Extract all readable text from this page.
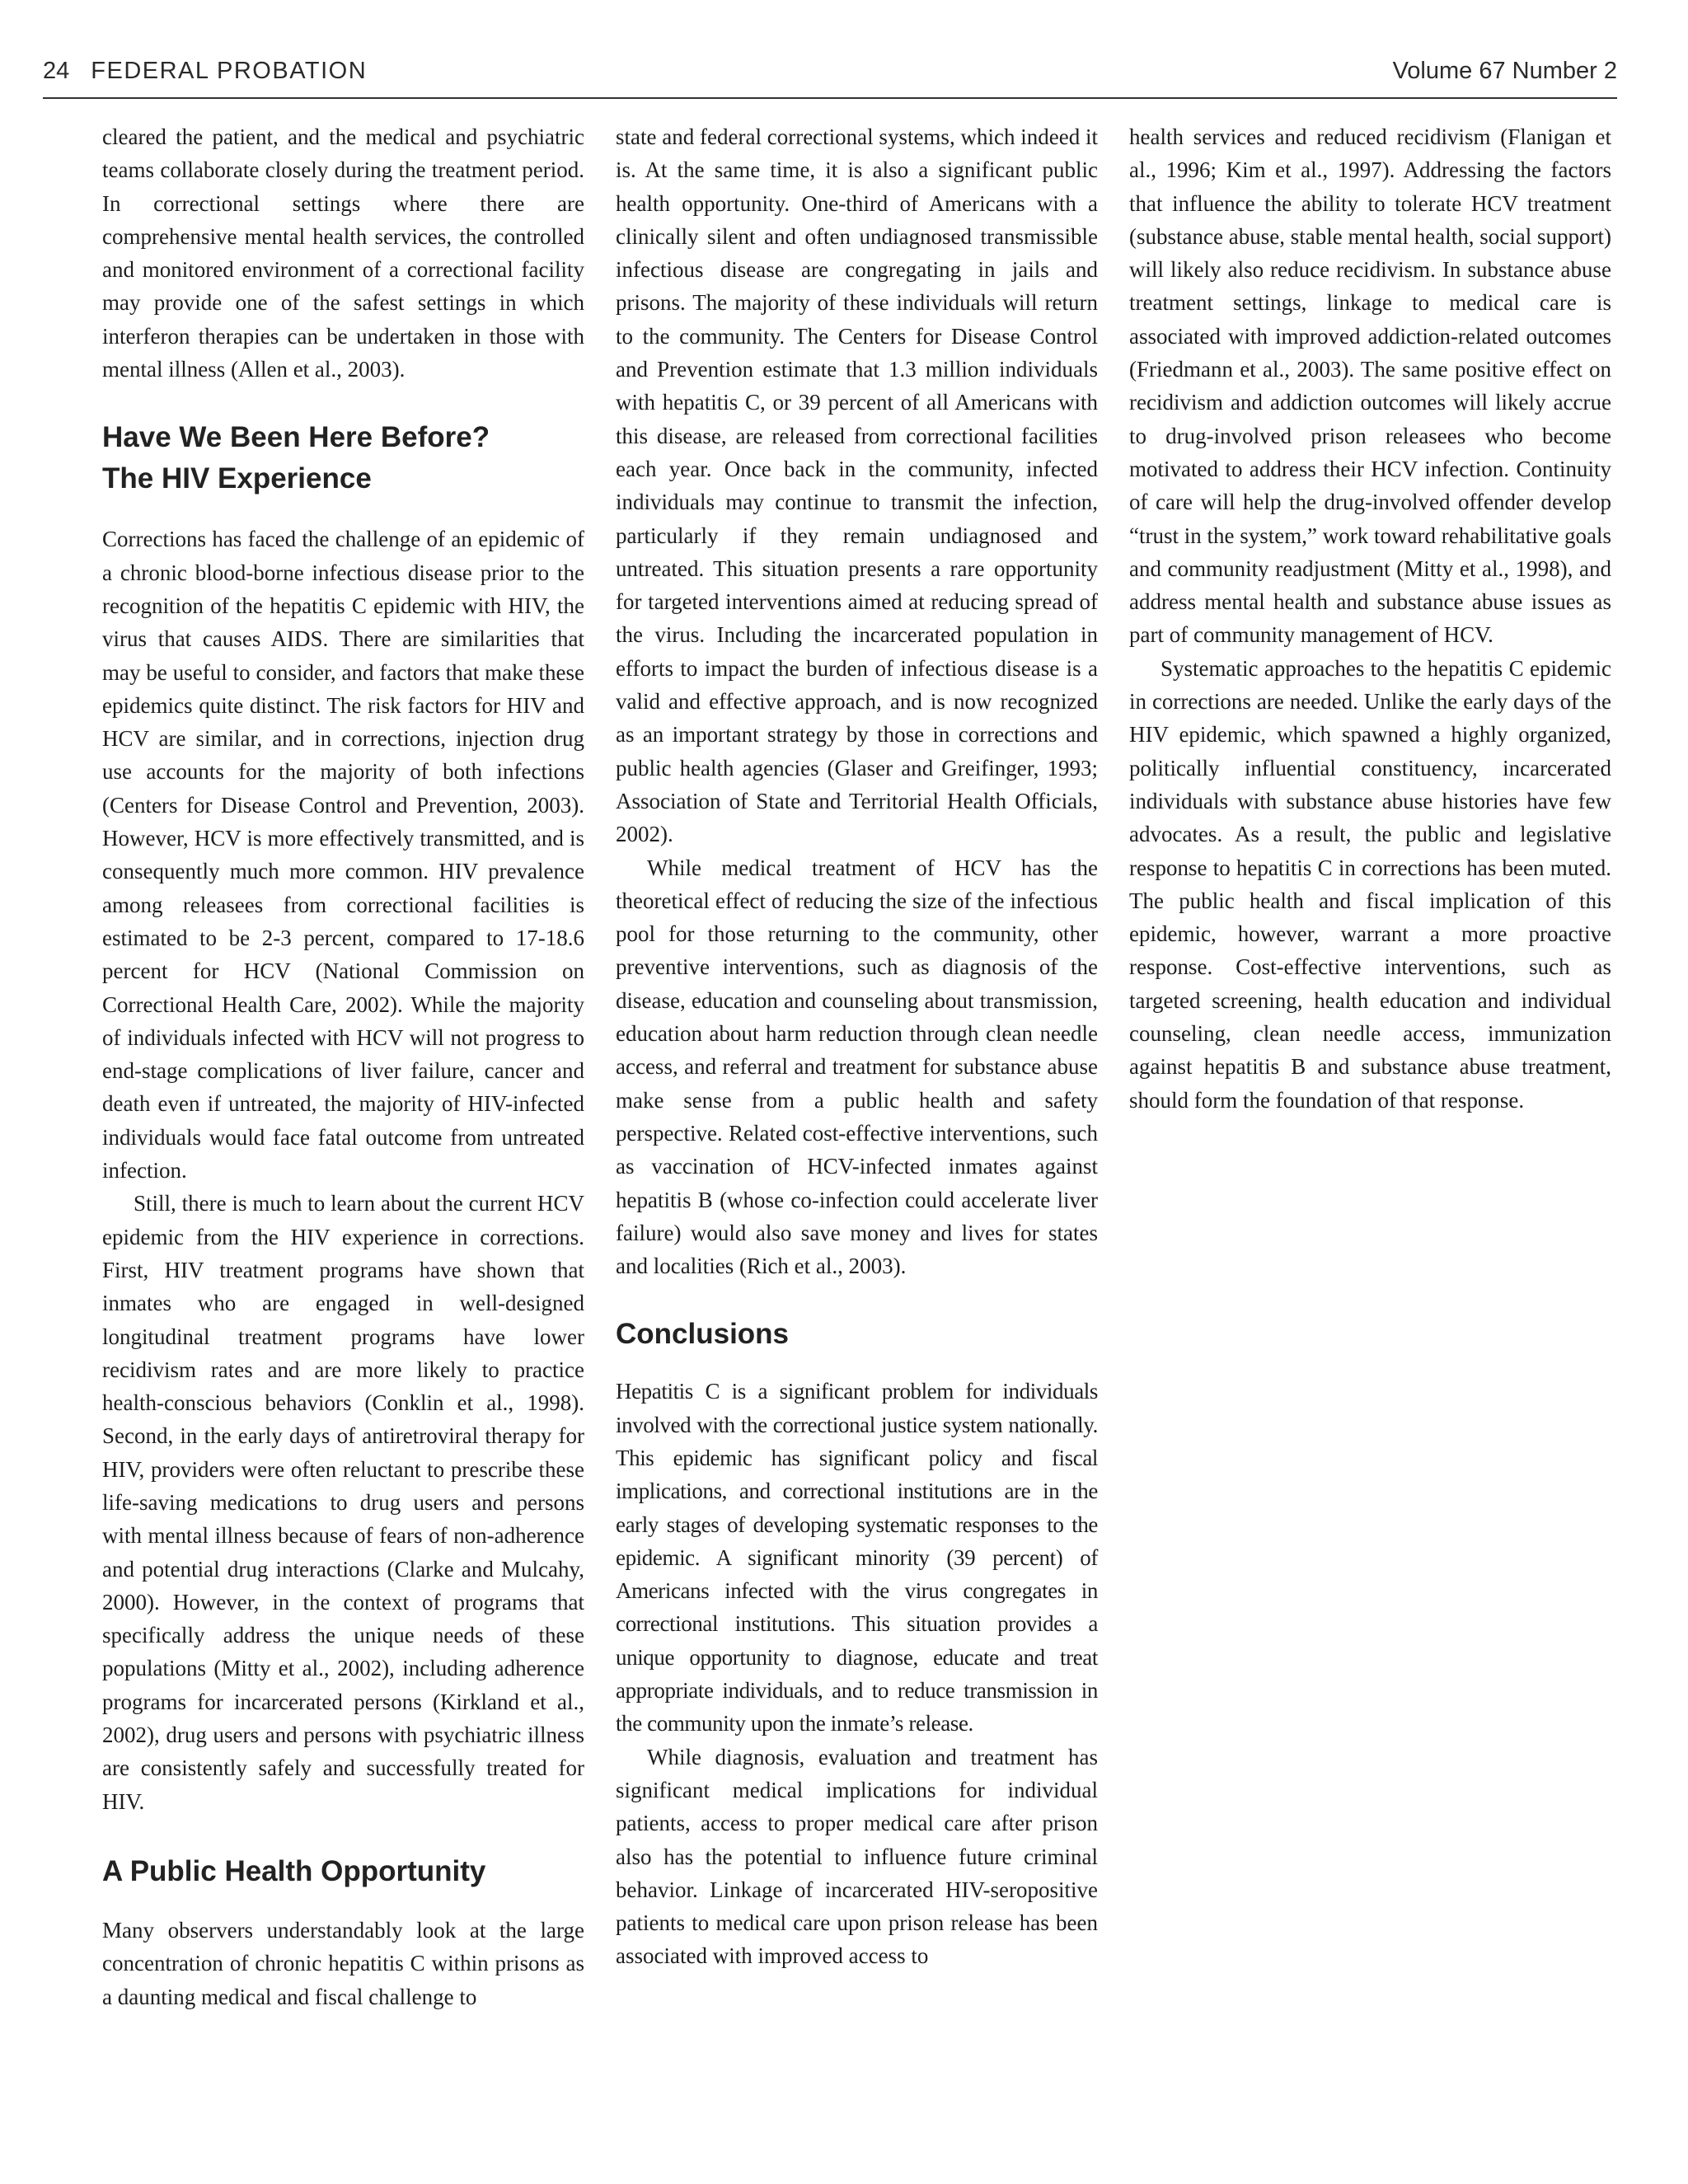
24 FEDERAL PROBATION	Volume 67 Number 2

cleared the patient, and the medical and psychiatric teams collaborate closely during the treatment period. In correctional settings where there are comprehensive mental health services, the controlled and monitored environment of a correctional facility may provide one of the safest settings in which interferon therapies can be undertaken in those with mental illness (Allen et al., 2003).

Have We Been Here Before?
The HIV Experience

Corrections has faced the challenge of an epidemic of a chronic blood-borne infectious disease prior to the recognition of the hepatitis C epidemic with HIV, the virus that causes AIDS. There are similarities that may be useful to consider, and factors that make these epidemics quite distinct. The risk factors for HIV and HCV are similar, and in corrections, injection drug use accounts for the majority of both infections (Centers for Disease Control and Prevention, 2003). However, HCV is more effectively transmitted, and is consequently much more common. HIV prevalence among releasees from correctional facilities is estimated to be 2-3 percent, compared to 17-18.6 percent for HCV (National Commission on Correctional Health Care, 2002). While the majority of individuals infected with HCV will not progress to end-stage complications of liver failure, cancer and death even if untreated, the majority of HIV-infected individuals would face fatal outcome from untreated infection.

Still, there is much to learn about the current HCV epidemic from the HIV experience in corrections. First, HIV treatment programs have shown that inmates who are engaged in well-designed longitudinal treatment programs have lower recidivism rates and are more likely to practice health-conscious behaviors (Conklin et al., 1998). Second, in the early days of antiretroviral therapy for HIV, providers were often reluctant to prescribe these life-saving medications to drug users and persons with mental illness because of fears of non-adherence and potential drug interactions (Clarke and Mulcahy, 2000). However, in the context of programs that specifically address the unique needs of these populations (Mitty et al., 2002), including adherence programs for incarcerated persons (Kirkland et al., 2002), drug users and persons with psychiatric illness are consistently safely and successfully treated for HIV.

A Public Health Opportunity

Many observers understandably look at the large concentration of chronic hepatitis C within prisons as a daunting medical and fiscal challenge to

state and federal correctional systems, which indeed it is. At the same time, it is also a significant public health opportunity. One-third of Americans with a clinically silent and often undiagnosed transmissible infectious disease are congregating in jails and prisons. The majority of these individuals will return to the community. The Centers for Disease Control and Prevention estimate that 1.3 million individuals with hepatitis C, or 39 percent of all Americans with this disease, are released from correctional facilities each year. Once back in the community, infected individuals may continue to transmit the infection, particularly if they remain undiagnosed and untreated. This situation presents a rare opportunity for targeted interventions aimed at reducing spread of the virus. Including the incarcerated population in efforts to impact the burden of infectious disease is a valid and effective approach, and is now recognized as an important strategy by those in corrections and public health agencies (Glaser and Greifinger, 1993; Association of State and Territorial Health Officials, 2002).

While medical treatment of HCV has the theoretical effect of reducing the size of the infectious pool for those returning to the community, other preventive interventions, such as diagnosis of the disease, education and counseling about transmission, education about harm reduction through clean needle access, and referral and treatment for substance abuse make sense from a public health and safety perspective. Related cost-effective interventions, such as vaccination of HCV-infected inmates against hepatitis B (whose co-infection could accelerate liver failure) would also save money and lives for states and localities (Rich et al., 2003).

Conclusions

Hepatitis C is a significant problem for individuals involved with the correctional justice system nationally. This epidemic has significant policy and fiscal implications, and correctional institutions are in the early stages of developing systematic responses to the epidemic. A significant minority (39 percent) of Americans infected with the virus congregates in correctional institutions. This situation provides a unique opportunity to diagnose, educate and treat appropriate individuals, and to reduce transmission in the community upon the inmate’s release.

While diagnosis, evaluation and treatment has significant medical implications for individual patients, access to proper medical care after prison also has the potential to influence future criminal behavior. Linkage of incarcerated HIV-seropositive patients to medical care upon prison release has been associated with improved access to

health services and reduced recidivism (Flanigan et al., 1996; Kim et al., 1997). Addressing the factors that influence the ability to tolerate HCV treatment (substance abuse, stable mental health, social support) will likely also reduce recidivism. In substance abuse treatment settings, linkage to medical care is associated with improved addiction-related outcomes (Friedmann et al., 2003). The same positive effect on recidivism and addiction outcomes will likely accrue to drug-involved prison releasees who become motivated to address their HCV infection. Continuity of care will help the drug-involved offender develop “trust in the system,” work toward rehabilitative goals and community readjustment (Mitty et al., 1998), and address mental health and substance abuse issues as part of community management of HCV.

Systematic approaches to the hepatitis C epidemic in corrections are needed. Unlike the early days of the HIV epidemic, which spawned a highly organized, politically influential constituency, incarcerated individuals with substance abuse histories have few advocates. As a result, the public and legislative response to hepatitis C in corrections has been muted. The public health and fiscal implication of this epidemic, however, warrant a more proactive response. Cost-effective interventions, such as targeted screening, health education and individual counseling, clean needle access, immunization against hepatitis B and substance abuse treatment, should form the foundation of that response.
